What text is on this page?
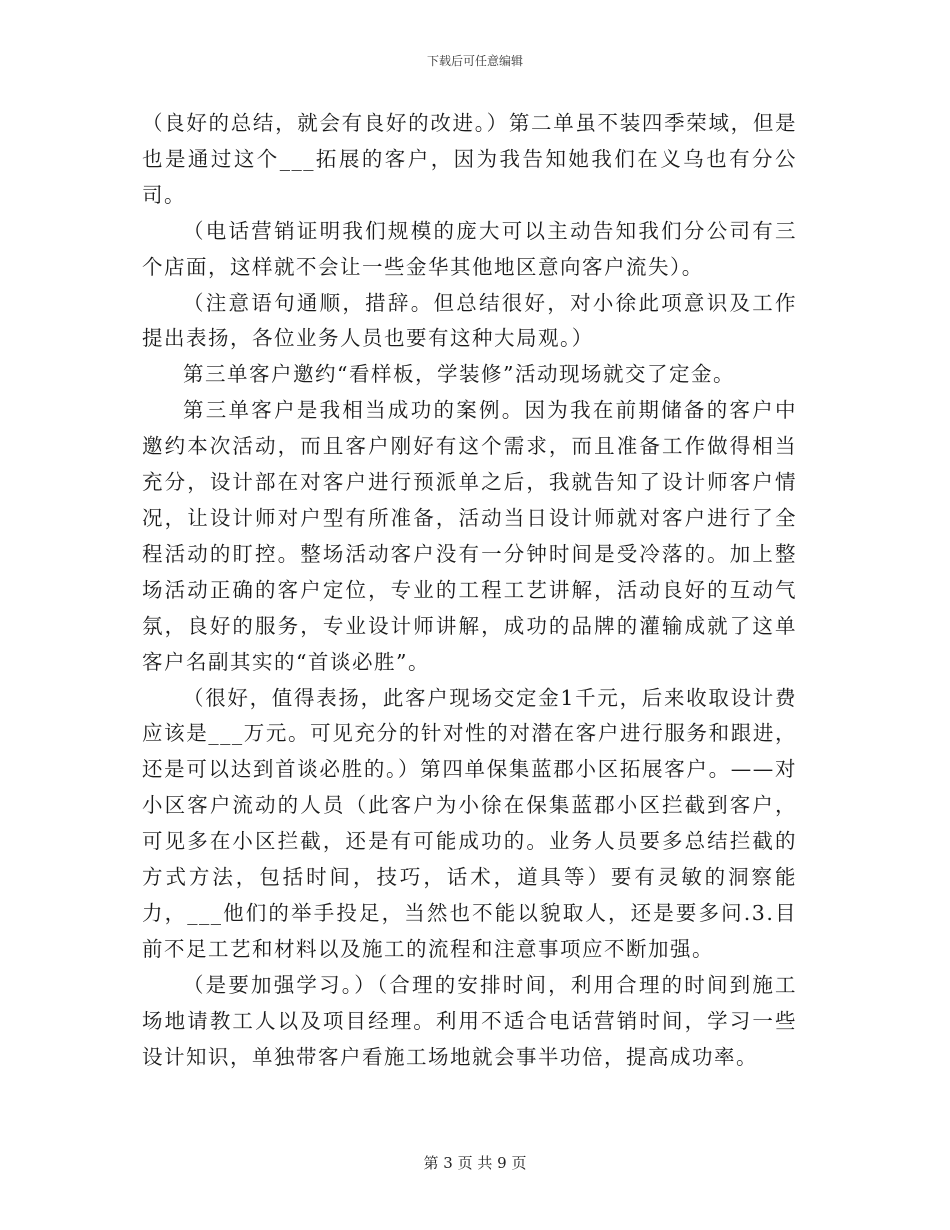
下载后可任意编辑

（良好的总结，就会有良好的改进。）第二单虽不装四季荣域，但是也是通过这个___拓展的客户，因为我告知她我们在义乌也有分公司。

（电话营销证明我们规模的庞大可以主动告知我们分公司有三个店面，这样就不会让一些金华其他地区意向客户流失）。

（注意语句通顺，措辞。但总结很好，对小徐此项意识及工作提出表扬，各位业务人员也要有这种大局观。）

第三单客户邀约“看样板，学装修”活动现场就交了定金。

第三单客户是我相当成功的案例。因为我在前期储备的客户中邀约本次活动，而且客户刚好有这个需求，而且准备工作做得相当充分，设计部在对客户进行预派单之后，我就告知了设计师客户情况，让设计师对户型有所准备，活动当日设计师就对客户进行了全程活动的盯控。整场活动客户没有一分钟时间是受冷落的。加上整场活动正确的客户定位，专业的工程工艺讲解，活动良好的互动气氛，良好的服务，专业设计师讲解，成功的品牌的灌输成就了这单客户名副其实的“首谈必胜”。

（很好，值得表扬，此客户现场交定金1千元，后来收取设计费应该是___万元。可见充分的针对性的对潜在客户进行服务和跟进，还是可以达到首谈必胜的。）第四单保集蓝郡小区拓展客户。——对小区客户流动的人员（此客户为小徐在保集蓝郡小区拦截到客户，可见多在小区拦截，还是有可能成功的。业务人员要多总结拦截的方式方法，包括时间，技巧，话术，道具等）要有灵敏的洞察能力，___他们的举手投足，当然也不能以貌取人，还是要多问.3.目前不足工艺和材料以及施工的流程和注意事项应不断加强。

（是要加强学习。）（合理的安排时间，利用合理的时间到施工场地请教工人以及项目经理。利用不适合电话营销时间，学习一些设计知识，单独带客户看施工场地就会事半功倍，提高成功率。

第 3 页 共 9 页
